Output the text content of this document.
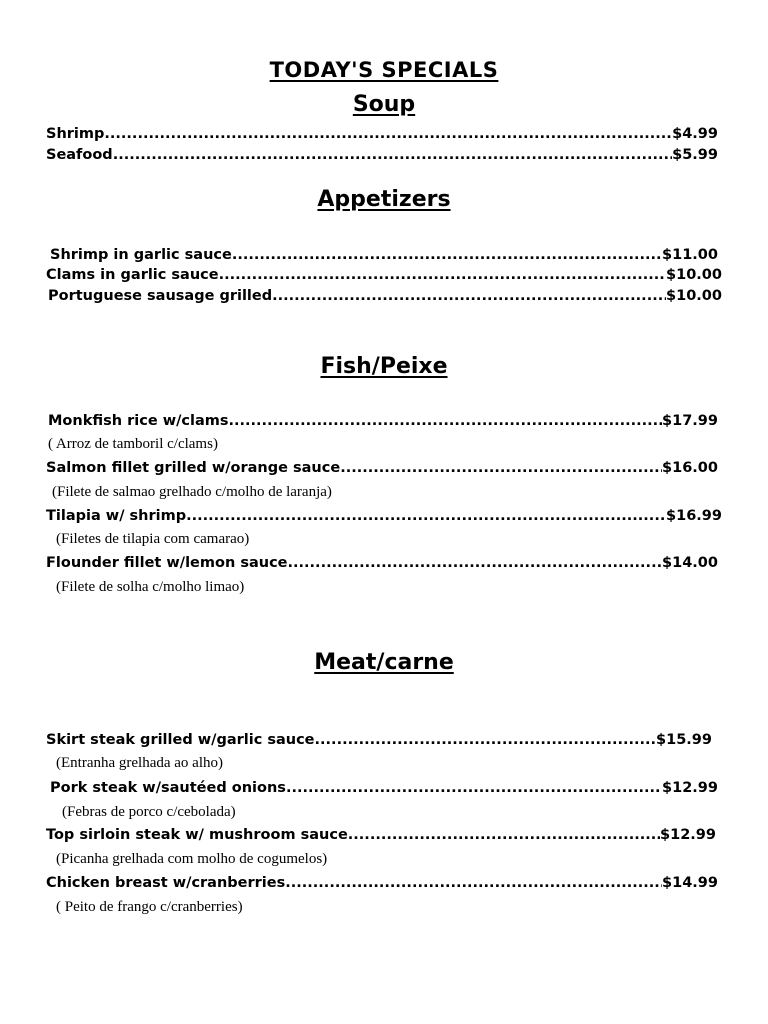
TODAY'S SPECIALS
Soup
Shrimp .....	$4.99
Seafood .....	$5.99
Appetizers
Shrimp in garlic sauce .....	$11.00
Clams in garlic sauce .....	$10.00
Portuguese sausage grilled .....	$10.00
Fish/Peixe
Monkfish rice w/clams .....	$17.99
( Arroz de tamboril c/clams)
Salmon fillet grilled w/orange sauce .....	$16.00
(Filete de salmao grelhado c/molho de laranja)
Tilapia w/ shrimp .....	$16.99
(Filetes de tilapia com camarao)
Flounder fillet w/lemon sauce .....	$14.00
(Filete de solha c/molho limao)
Meat/carne
Skirt steak grilled w/garlic sauce .....	$15.99
(Entranha grelhada ao alho)
Pork steak w/sautéed onions .....	$12.99
(Febras de porco c/cebolada)
Top sirloin steak w/ mushroom sauce .....	$12.99
(Picanha grelhada com molho de cogumelos)
Chicken breast w/cranberries .....	$14.99
( Peito de frango c/cranberries)
